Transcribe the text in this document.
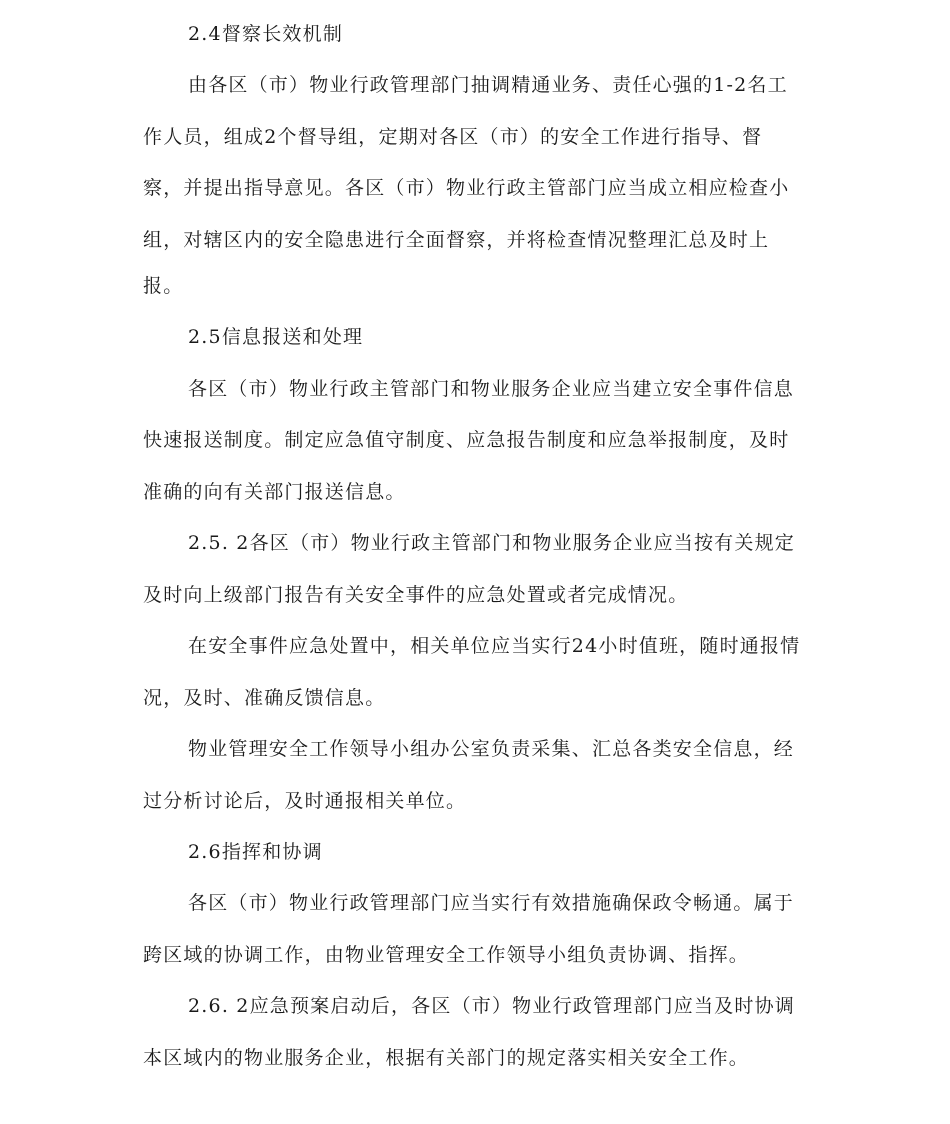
2.4督察长效机制
由各区（市）物业行政管理部门抽调精通业务、责任心强的1-2名工
作人员，组成2个督导组，定期对各区（市）的安全工作进行指导、督
察，并提出指导意见。各区（市）物业行政主管部门应当成立相应检查小
组，对辖区内的安全隐患进行全面督察，并将检查情况整理汇总及时上
报。
2.5信息报送和处理
各区（市）物业行政主管部门和物业服务企业应当建立安全事件信息
快速报送制度。制定应急值守制度、应急报告制度和应急举报制度，及时
准确的向有关部门报送信息。
2.5. 2各区（市）物业行政主管部门和物业服务企业应当按有关规定
及时向上级部门报告有关安全事件的应急处置或者完成情况。
在安全事件应急处置中，相关单位应当实行24小时值班，随时通报情
况，及时、准确反馈信息。
物业管理安全工作领导小组办公室负责采集、汇总各类安全信息，经
过分析讨论后，及时通报相关单位。
2.6指挥和协调
各区（市）物业行政管理部门应当实行有效措施确保政令畅通。属于
跨区域的协调工作，由物业管理安全工作领导小组负责协调、指挥。
2.6. 2应急预案启动后，各区（市）物业行政管理部门应当及时协调
本区域内的物业服务企业，根据有关部门的规定落实相关安全工作。
